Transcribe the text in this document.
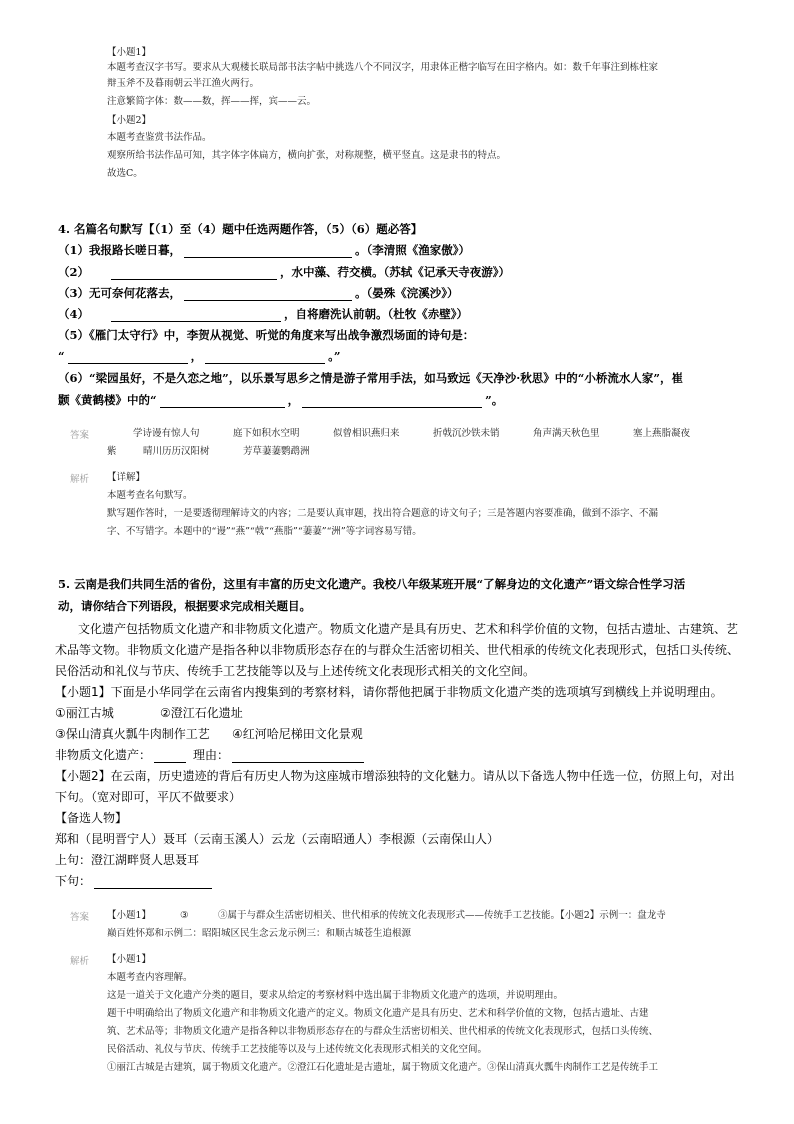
【小题1】
本题考查汉字书写。要求从大观楼长联局部书法字帖中挑选八个不同汉字，用隶体正楷字临写在田字格内。如：数千年事注到栋柱家
辩玉斧不及暮雨朝云半江渔火两行。
注意繁简字体：数——数，挥——挥，宾——云。
【小题2】
本题考查鉴赏书法作品。
观察所给书法作品可知，其字体字体扁方，横向扩张，对称规整，横平竖直。这是隶书的特点。
故选C。
4. 名篇名句默写【（1）至（4）题中任选两题作答，（5）（6）题必答】
（1）我报路长嗟日暮，	。（李清照《渔家傲》）
（2）	，水中藻、荇交横。（苏轼《记承天寺夜游》）
（3）无可奈何花落去，	。（晏殊《浣溪沙》）
（4）	，自将磨洗认前朝。（杜牧《赤壁》）
（5）《雁门太守行》中，李贺从视觉、听觉的角度来写出战争激烈场面的诗句是：
“	，	。”
（6）“梁园虽好，不是久恋之地”，以乐景写思乡之情是游子常用手法，如马致远《天净沙·秋思》中的“小桥流水人家”，崔
颢《黄鹤楼》中的“	，	”。
答案	学诗谩有惊人句	庭下如积水空明	似曾相识燕归来	折戟沉沙铁未销	角声满天秋色里	塞上燕脂凝夜
紫	晴川历历汉阳树	芳草萋萋鹦鹉洲
解析 【详解】
本题考查名句默写。
默写题作答时，一是要透彻理解诗文的内容；二是要认真审题，找出符合题意的诗文句子；三是答题内容要准确，做到不添字、不漏
字、不写错字。本题中的“谩”“燕”“戟”“燕脂”“萋萋”“洲”等字词容易写错。
5. 云南是我们共同生活的省份，这里有丰富的历史文化遗产。我校八年级某班开展“了解身边的文化遗产”语文综合性学习活
动，请你结合下列语段，根据要求完成相关题目。
文化遗产包括物质文化遗产和非物质文化遗产。物质文化遗产是具有历史、艺术和科学价值的文物，包括古遗址、古建筑、艺
术品等文物。非物质文化遗产是指各种以非物质形态存在的与群众生活密切相关、世代相承的传统文化表现形式，包括口头传统、
民俗活动和礼仪与节庆、传统手工艺技能等以及与上述传统文化表现形式相关的文化空间。
【小题1】下面是小华同学在云南省内搜集到的考察材料，请你帮他把属于非物质文化遗产类的选项填写到横线上并说明理由。
①丽江古城	②澄江石化遗址
③保山清真火瓢牛肉制作工艺 ④红河哈尼梯田文化景观
非物质文化遗产：	理由：
【小题2】在云南，历史遗迹的背后有历史人物为这座城市增添独特的文化魅力。请从以下备选人物中任选一位，仿照上句，对出
下句。（宽对即可，平仄不做要求）
【备选人物】
郑和（昆明晋宁人）聂耳（云南玉溪人）云龙（云南昭通人）李根源（云南保山人）
上句：澄江湖畔贤人思聂耳
下句：
答案 【小题1】	③	③属于与群众生活密切相关、世代相承的传统文化表现形式——传统手工艺技能。【小题2】示例一：盘龙寺
巅百姓怀郑和示例二：昭阳城区民生念云龙示例三：和顺古城苍生追根源
解析 【小题1】
本题考查内容理解。
这是一道关于文化遗产分类的题目，要求从给定的考察材料中选出属于非物质文化遗产的选项，并说明理由。
题干中明确给出了物质文化遗产和非物质文化遗产的定义。物质文化遗产是具有历史、艺术和科学价值的文物，包括古遗址、古建
筑、艺术品等；非物质文化遗产是指各种以非物质形态存在的与群众生活密切相关、世代相承的传统文化表现形式，包括口头传统、
民俗活动、礼仪与节庆、传统手工艺技能等以及与上述传统文化表现形式相关的文化空间。
①丽江古城是古建筑，属于物质文化遗产。②澄江石化遗址是古遗址，属于物质文化遗产。③保山清真火瓢牛肉制作工艺是传统手工
